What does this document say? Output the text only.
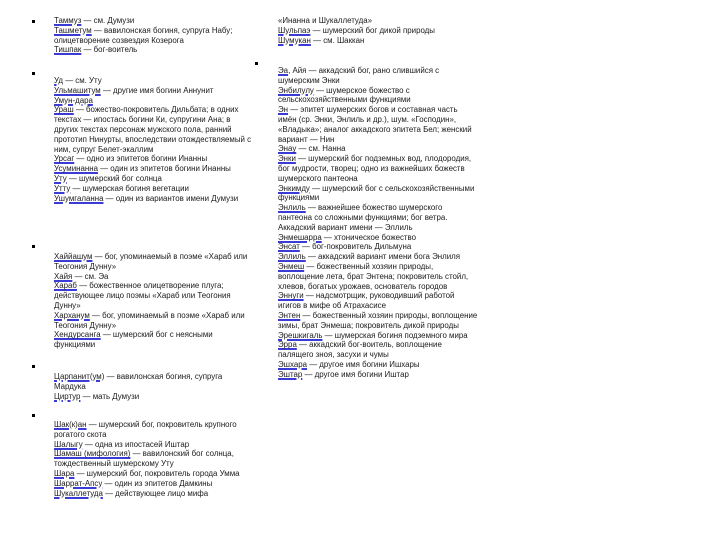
Таммуз — см. Думузи
Ташметум — вавилонская богиня, супруга Набу; олицетворение созвездия Козерога
Тишпак — бог-воитель
Уд — см. Уту
Ульмашитум — другие имя богини Аннунит
Умун-дара
Ураш — божество-покровитель Дильбата; в одних текстах — ипостась богини Ки, супругини Ана; в других текстах персонаж мужского пола, ранний прототип Нинурты, впоследствии отождествляемый с ним, супруг Белет-экаллим
Урсаг — одно из эпитетов богини Инанны
Усуминанна — один из эпитетов богини Инанны
Уту — шумерский бог солнца
Утту — шумерская богиня вегетации
Ушумгаланна — один из вариантов имени Думузи
Хаййашум — бог, упоминаемый в поэме «Хараб или Теогония Дунну»
Хайя — см. Эа
Хараб — божественное олицетворение плуга; действующее лицо поэмы «Хараб или Теогония Дунну»
Харханум — бог, упоминаемый в поэме «Хараб или Теогония Дунну»
Хендурсанга — шумерский бог с неясными функциями
Царпанит(ум) — вавилонская богиня, супруга Мардука
Циртур — мать Думузи
Шак(к)ан — шумерский бог, покровитель крупного рогатого скота
Шалыгу — одна из ипостасей Иштар
Шамаш (мифология) — вавилонский бог солнца, тождественный шумерскому Уту
Шара — шумерский бог, покровитель города Умма
Шаррат-Апсу — один из эпитетов Дамкины
Шукаллетуда — действующее лицо мифа
«Инанна и Шукаллетуда»
Шульпаэ — шумерский бог дикой природы
Шумукан — см. Шаккан
Эа, Айя — аккадский бог, рано слившийся с шумерским Энки
Энбилулу — шумерское божество с сельскохозяйственными функциями
Эн — эпитет шумерских богов и составная часть имён (ср. Энки, Энлиль и др.), шум. «Господин», «Владыка»; аналог аккадского эпитета Бел; женский вариант — Нин
Энау — см. Нанна
Энки — шумерский бог подземных вод, плодородия, бог мудрости, творец; одно из важнейших божеств шумерского пантеона
Энкимду — шумерский бог с сельскохозяйственными функциями
Энлиль — важнейшее божество шумерского пантеона со сложными функциями; бог ветра. Аккадский вариант имени — Эллиль
Энмешарра — хтоническое божество
Энсат — бог-покровитель Дильмуна
Эллиль — аккадский вариант имени бога Энлиля
Энмеш — божественный хозяин природы, воплощение лета, брат Энтена; покровитель стойл, хлевов, богатых урожаев, основатель городов
Эннуги — надсмотрщик, руководивший работой игигов в мифе об Атрахасисе
Энтен — божественный хозяин природы, воплощение зимы, брат Энмеша; покровитель дикой природы
Эрешкигаль — шумерская богиня подземного мира
Эрра — аккадский бог-воитель, воплощение палящего зноя, засухи и чумы
Эшхара — другое имя богини Ишхары
Эштар — другое имя богини Иштар
